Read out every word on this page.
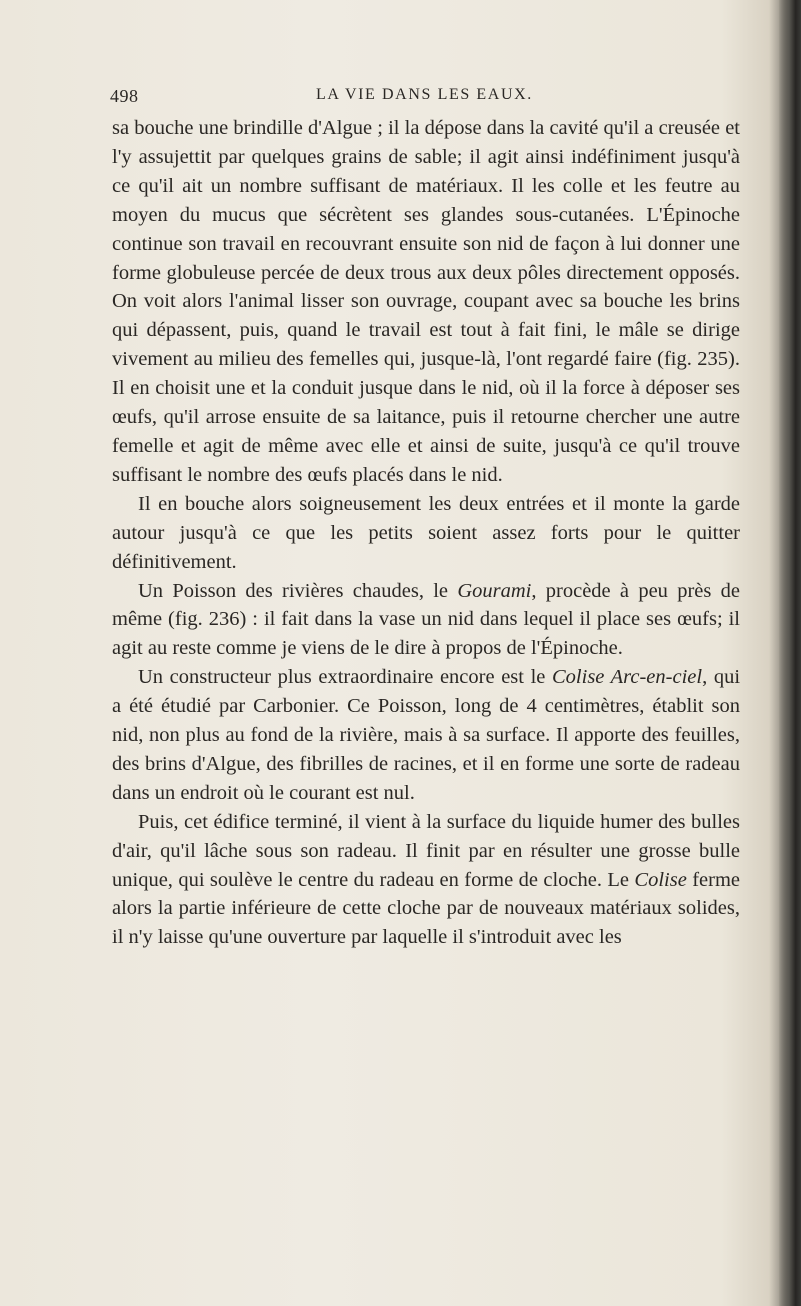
498	LA VIE DANS LES EAUX.

sa bouche une brindille d'Algue ; il la dépose dans la cavité qu'il a creusée et l'y assujettit par quelques grains de sable; il agit ainsi indéfiniment jusqu'à ce qu'il ait un nombre suffisant de matériaux. Il les colle et les feutre au moyen du mucus que sécrètent ses glandes sous-cutanées. L'Épinoche continue son travail en recouvrant ensuite son nid de façon à lui donner une forme globuleuse percée de deux trous aux deux pôles directement opposés. On voit alors l'animal lisser son ouvrage, coupant avec sa bouche les brins qui dépassent, puis, quand le travail est tout à fait fini, le mâle se dirige vivement au milieu des femelles qui, jusque-là, l'ont regardé faire (fig. 235). Il en choisit une et la conduit jusque dans le nid, où il la force à déposer ses œufs, qu'il arrose ensuite de sa laitance, puis il retourne chercher une autre femelle et agit de même avec elle et ainsi de suite, jusqu'à ce qu'il trouve suffisant le nombre des œufs placés dans le nid.

Il en bouche alors soigneusement les deux entrées et il monte la garde autour jusqu'à ce que les petits soient assez forts pour le quitter définitivement.

Un Poisson des rivières chaudes, le Gourami, procède à peu près de même (fig. 236) : il fait dans la vase un nid dans lequel il place ses œufs; il agit au reste comme je viens de le dire à propos de l'Épinoche.

Un constructeur plus extraordinaire encore est le Colise Arc-en-ciel, qui a été étudié par Carbonier. Ce Poisson, long de 4 centimètres, établit son nid, non plus au fond de la rivière, mais à sa surface. Il apporte des feuilles, des brins d'Algue, des fibrilles de racines, et il en forme une sorte de radeau dans un endroit où le courant est nul.

Puis, cet édifice terminé, il vient à la surface du liquide humer des bulles d'air, qu'il lâche sous son radeau. Il finit par en résulter une grosse bulle unique, qui soulève le centre du radeau en forme de cloche. Le Colise ferme alors la partie inférieure de cette cloche par de nouveaux matériaux solides, il n'y laisse qu'une ouverture par laquelle il s'introduit avec les
